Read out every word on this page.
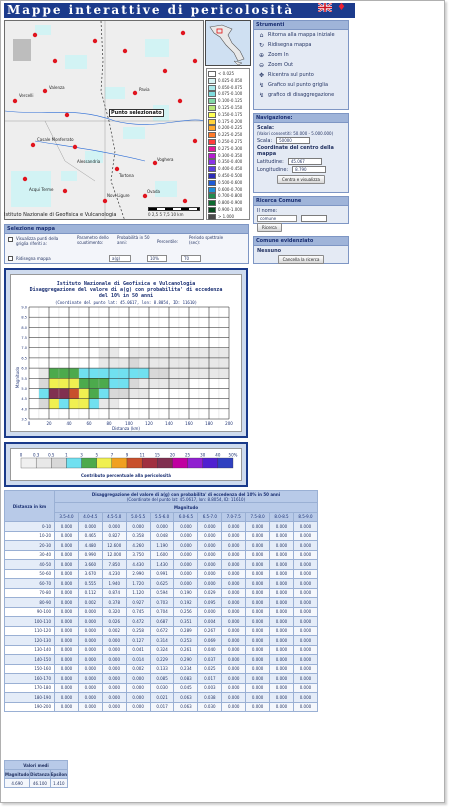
Mappe interattive di pericolosità	♦
Vercelli
Valenza	Pavia
Casale Monferrato
Voghera
Tortona
Alessandria
Novi Ligure
Acqui Terme	Ovada
Punto selezionato
< 0.025
0.025-0.050
0.050-0.075
0.075-0.100
0.100-0.125
0.125-0.150
0.150-0.175
0.175-0.200
0.200-0.225
0.225-0.250
0.250-0.275
0.275-0.300
0.300-0.350
0.350-0.400
0.400-0.450
0.450-0.500
0.500-0.600
0.600-0.700
0.700-0.800
0.800-0.900
0.900-1.000
> 1.000
0 2,5 5 7,5 10 km
Istituto Nazionale di Geofisica e Vulcanologia
Strumenti
⌂ Ritorna alla mappa iniziale
↻ Ridisegna mappa
⊕ Zoom In
⊖ Zoom Out
✥ Ricentra sul punto
↯ Grafico sul punto griglia
↯ grafico di disaggregazione
Navigazione:
Scala:
(Valori consentiti: 50.000 - 5.000.000)
Scala:	50000
Coordinate del centro della mappa
Latitudine:	45.067
Longitudine:	8.790
Centra e visualizza
Ricerca Comune
Il nome:
comune
Ricerca
Comune evidenziato
Nessuno
Cancella la ricerca
Selezione mappa
Visualizza punti della griglia riferiti a:
Parametro dello scuotimento:
Probabilità in 50 anni:	Percentile:
Periodo spettrale (sec):
Ridisegna mappa	a(g)	10%	T0
Istituto Nazionale di Geofisica e Vulcanologia
Disaggregazione del valore di a(g) con probabilita' di eccedenza
del 10% in 50 anni
(Coordinate del punto lat: 45.0617, lon: 8.8054, ID: 11610)
0	20	40	60	80	100	120	140	160	180	200
3.5
4.0
4.5
5.0
5.5
6.0
6.5
7.0
7.5
8.0
8.5
9.0
Magnitudo
Distanza (km)
0	0.3 0.5	1	3	5	7	9	11	15	20	25	30	40 50%
Contributo percentuale alla pericolosità
Distanza in km	Disaggregazione del valore di a(g) con probabilita' di eccedenza del 10% in 50 anni
(Coordinate del punto lat: 45.0617, lon: 8.8054, ID: 11610)										
	Magnitudo										
	3.5-4.0	4.0-4.5	4.5-5.0	5.0-5.5	5.5-6.0	6.0-6.5	6.5-7.0	7.0-7.5	7.5-8.0	8.0-8.5	8.5-9.0
0-10	0.000	0.000	0.000	0.000	0.000	0.000	0.000	0.000	0.000	0.000	0.000
10-20	0.000	0.465	0.827	0.358	0.048	0.000	0.000	0.000	0.000	0.000	0.000
20-30	0.000	4.480	12.600	4.260	1.190	0.000	0.000	0.000	0.000	0.000	0.000
30-40	0.000	0.990	12.000	3.750	1.600	0.000	0.000	0.000	0.000	0.000	0.000
40-50	0.000	3.660	7.850	4.430	1.430	0.000	0.000	0.000	0.000	0.000	0.000
50-60	0.000	3.670	4.230	2.990	0.991	0.000	0.000	0.000	0.000	0.000	0.000
60-70	0.000	0.555	1.940	1.720	0.625	0.000	0.000	0.000	0.000	0.000	0.000
70-80	0.000	0.112	0.874	1.120	0.594	0.190	0.029	0.000	0.000	0.000	0.000
80-90	0.000	0.002	0.378	0.927	0.703	0.192	0.095	0.000	0.000	0.000	0.000
90-100	0.000	0.000	0.320	0.745	0.704	0.256	0.000	0.000	0.000	0.000	0.000
100-110	0.000	0.000	0.026	0.472	0.687	0.351	0.004	0.000	0.000	0.000	0.000
110-120	0.000	0.000	0.002	0.258	0.672	0.289	0.267	0.000	0.000	0.000	0.000
120-130	0.000	0.000	0.000	0.127	0.314	0.253	0.069	0.000	0.000	0.000	0.000
130-140	0.000	0.000	0.000	0.041	0.324	0.261	0.040	0.000	0.000	0.000	0.000
140-150	0.000	0.000	0.000	0.014	0.229	0.290	0.037	0.000	0.000	0.000	0.000
150-160	0.000	0.000	0.000	0.002	0.133	0.234	0.025	0.000	0.000	0.000	0.000
160-170	0.000	0.000	0.000	0.000	0.085	0.083	0.017	0.000	0.000	0.000	0.000
170-180	0.000	0.000	0.000	0.000	0.030	0.045	0.003	0.000	0.000	0.000	0.000
180-190	0.000	0.000	0.000	0.000	0.021	0.063	0.038	0.000	0.000	0.000	0.000
190-200	0.000	0.000	0.000	0.000	0.017	0.063	0.030	0.000	0.000	0.000	0.000
Valori medi		
Magnitudo	Distanza	Epsilon
4.690	46.100	1.410
